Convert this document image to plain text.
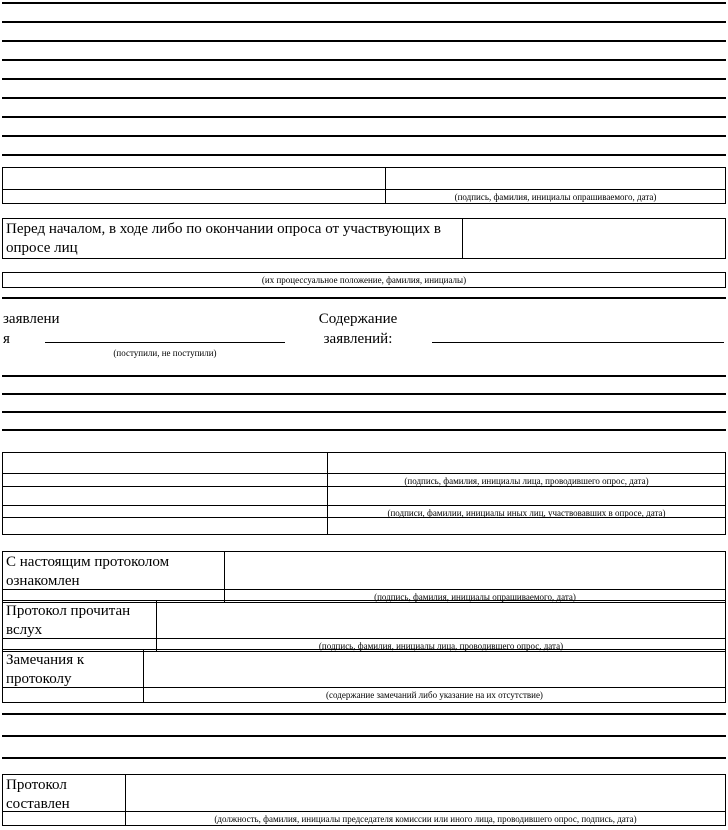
(подпись, фамилия, инициалы опрашиваемого, дата)
Перед началом, в ходе либо по окончании опроса от участвующих в опросе лиц
(их процессуальное положение, фамилия, инициалы)
заявлени
я
(поступили, не поступили)
Содержание заявлений:
(подпись, фамилия, инициалы лица, проводившего опрос, дата)
(подписи, фамилии, инициалы иных лиц, участвовавших в опросе, дата)
С настоящим протоколом ознакомлен
(подпись, фамилия, инициалы опрашиваемого, дата)
Протокол прочитан вслух
(подпись, фамилия, инициалы лица, проводившего опрос, дата)
Замечания к протоколу
(содержание замечаний либо указание на их отсутствие)
Протокол составлен
(должность, фамилия, инициалы председателя комиссии или иного лица, проводившего опрос, подпись, дата)
